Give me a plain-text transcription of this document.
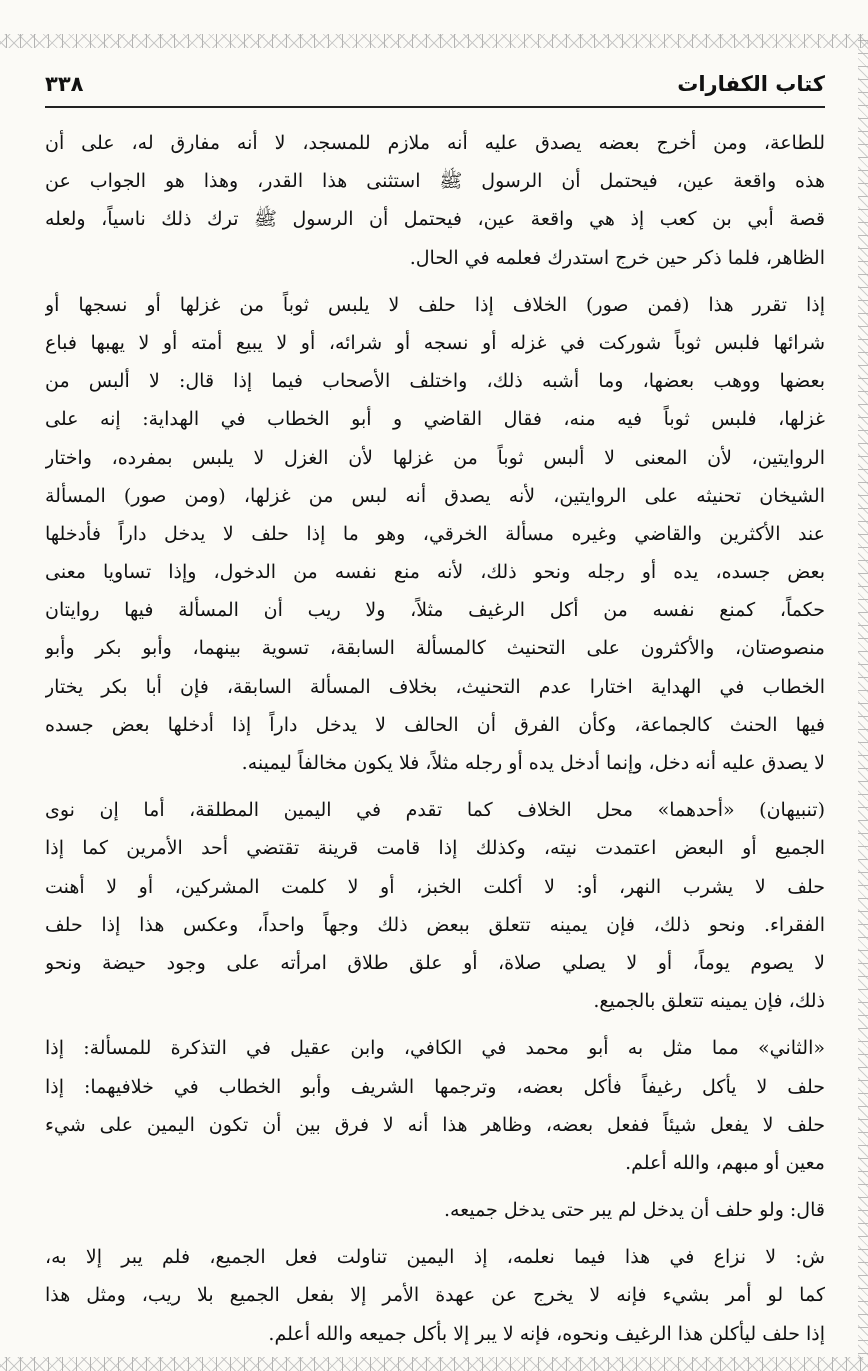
كتاب الكفارات
٣٣٨

للطاعة، ومن أخرج بعضه يصدق عليه أنه ملازم للمسجد، لا أنه مفارق له، على أن
هذه واقعة عين، فيحتمل أن الرسول ﷺ استثنى هذا القدر، وهذا هو الجواب عن
قصة أبي بن كعب إذ هي واقعة عين، فيحتمل أن الرسول ﷺ ترك ذلك ناسياً، ولعله
الظاهر، فلما ذكر حين خرج استدرك فعلمه في الحال.

إذا تقرر هذا (فمن صور) الخلاف إذا حلف لا يلبس ثوباً من غزلها أو نسجها أو
شرائها فلبس ثوباً شوركت في غزله أو نسجه أو شرائه، أو لا يبيع أمته أو لا يهبها فباع
بعضها ووهب بعضها، وما أشبه ذلك، واختلف الأصحاب فيما إذا قال: لا ألبس من
غزلها، فلبس ثوباً فيه منه، فقال القاضي و أبو الخطاب في الهداية: إنه على
الروايتين، لأن المعنى لا ألبس ثوباً من غزلها لأن الغزل لا يلبس بمفرده، واختار
الشيخان تحنيثه على الروايتين، لأنه يصدق أنه لبس من غزلها، (ومن صور) المسألة
عند الأكثرين والقاضي وغيره مسألة الخرقي، وهو ما إذا حلف لا يدخل داراً فأدخلها
بعض جسده، يده أو رجله ونحو ذلك، لأنه منع نفسه من الدخول، وإذا تساويا معنى
حكماً، كمنع نفسه من أكل الرغيف مثلاً، ولا ريب أن المسألة فيها روايتان
منصوصتان، والأكثرون على التحنيث كالمسألة السابقة، تسوية بينهما، وأبو بكر وأبو
الخطاب في الهداية اختارا عدم التحنيث، بخلاف المسألة السابقة، فإن أبا بكر يختار
فيها الحنث كالجماعة، وكأن الفرق أن الحالف لا يدخل داراً إذا أدخلها بعض جسده
لا يصدق عليه أنه دخل، وإنما أدخل يده أو رجله مثلاً، فلا يكون مخالفاً ليمينه.

(تنبيهان) «أحدهما» محل الخلاف كما تقدم في اليمين المطلقة، أما إن نوى
الجميع أو البعض اعتمدت نيته، وكذلك إذا قامت قرينة تقتضي أحد الأمرين كما إذا
حلف لا يشرب النهر، أو: لا أكلت الخبز، أو لا كلمت المشركين، أو لا أهنت
الفقراء. ونحو ذلك، فإن يمينه تتعلق ببعض ذلك وجهاً واحداً، وعكس هذا إذا حلف
لا يصوم يوماً، أو لا يصلي صلاة، أو علق طلاق امرأته على وجود حيضة ونحو
ذلك، فإن يمينه تتعلق بالجميع.

«الثاني» مما مثل به أبو محمد في الكافي، وابن عقيل في التذكرة للمسألة: إذا
حلف لا يأكل رغيفاً فأكل بعضه، وترجمها الشريف وأبو الخطاب في خلافيهما: إذا
حلف لا يفعل شيئاً ففعل بعضه، وظاهر هذا أنه لا فرق بين أن تكون اليمين على شيء
معين أو مبهم، والله أعلم.

قال: ولو حلف أن يدخل لم يبر حتى يدخل جميعه.

ش: لا نزاع في هذا فيما نعلمه، إذ اليمين تناولت فعل الجميع، فلم يبر إلا به،
كما لو أمر بشيء فإنه لا يخرج عن عهدة الأمر إلا بفعل الجميع بلا ريب، ومثل هذا
إذا حلف ليأكلن هذا الرغيف ونحوه، فإنه لا يبر إلا بأكل جميعه والله أعلم.
